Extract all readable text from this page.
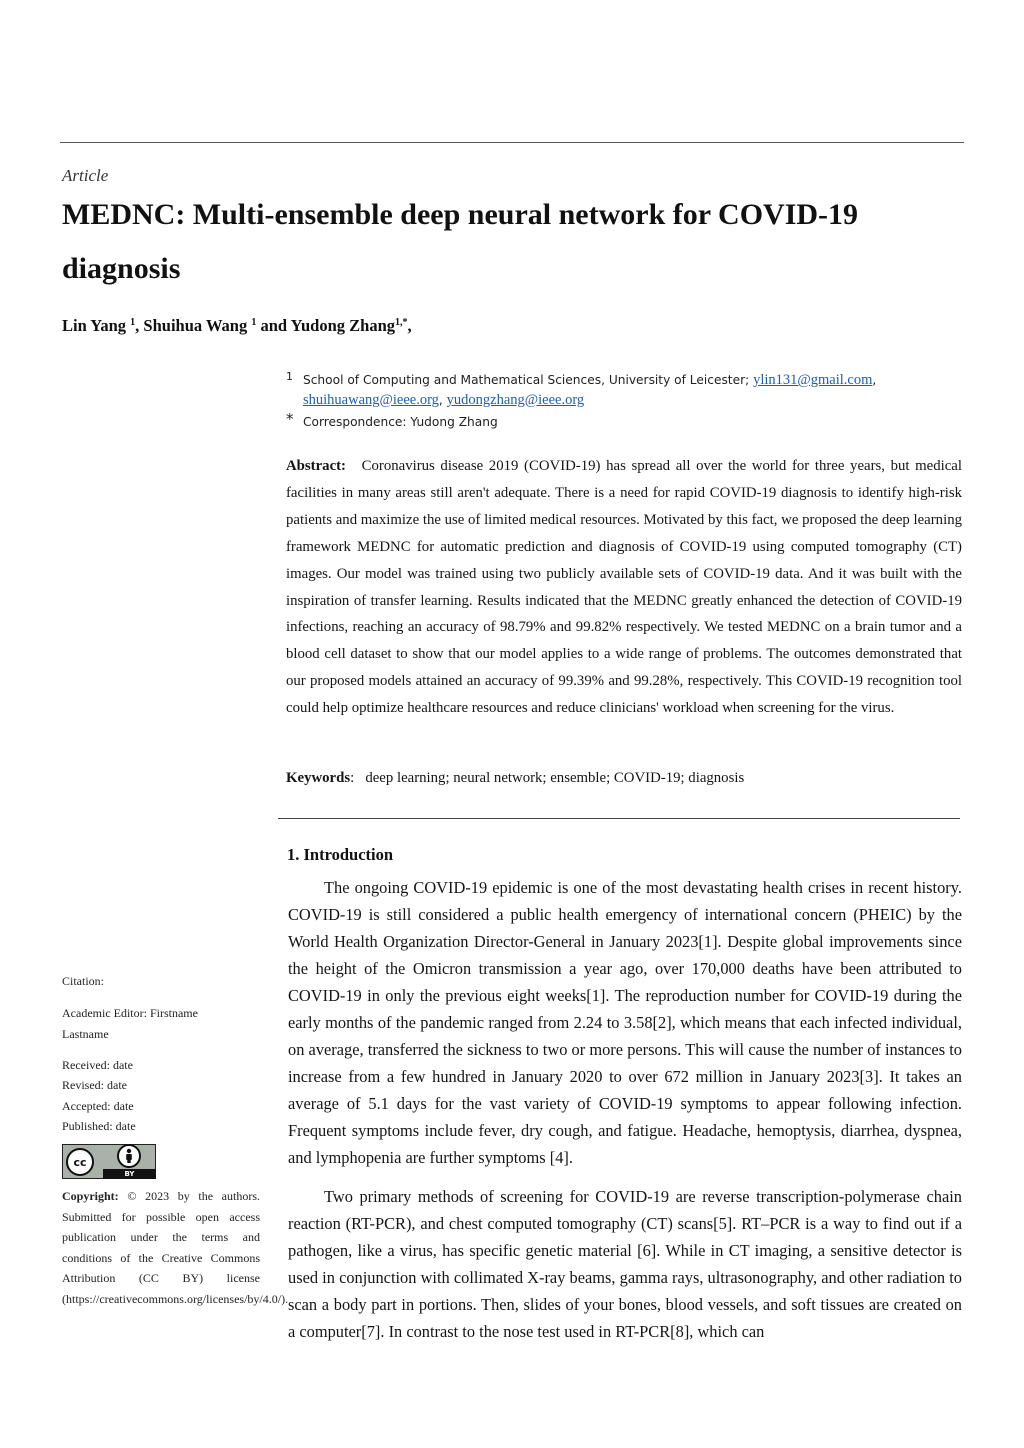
Article
MEDNC: Multi-ensemble deep neural network for COVID-19 diagnosis
Lin Yang $^1$, Shuihua Wang $^1$ and Yudong Zhang$^{1,*}$,
1 School of Computing and Mathematical Sciences, University of Leicester; ylin131@gmail.com,
shuihuawang@ieee.org, yudongzhang@ieee.org
* Correspondence: Yudong Zhang

Abstract: Coronavirus disease 2019 (COVID-19) has spread all over the world for three years, but medical facilities in many areas still aren't adequate. There is a need for rapid COVID-19 diagnosis to identify high-risk patients and maximize the use of limited medical resources. Motivated by this fact, we proposed the deep learning framework MEDNC for automatic prediction and diagnosis of COVID-19 using computed tomography (CT) images. Our model was trained using two publicly available sets of COVID-19 data. And it was built with the inspiration of transfer learning. Results indicated that the MEDNC greatly enhanced the detection of COVID-19 infections, reaching an accuracy of 98.79% and 99.82% respectively. We tested MEDNC on a brain tumor and a blood cell dataset to show that our model applies to a wide range of problems. The outcomes demonstrated that our proposed models attained an accuracy of 99.39% and 99.28%, respectively. This COVID-19 recognition tool could help optimize healthcare resources and reduce clinicians' workload when screening for the virus.

Keywords:   deep learning; neural network; ensemble; COVID-19; diagnosis
1. Introduction

The ongoing COVID-19 epidemic is one of the most devastating health crises in recent history. COVID-19 is still considered a public health emergency of international concern (PHEIC) by the World Health Organization Director-General in January 2023[1]. Despite global improvements since the height of the Omicron transmission a year ago, over 170,000 deaths have been attributed to COVID-19 in only the previous eight weeks[1]. The reproduction number for COVID-19 during the early months of the pandemic ranged from 2.24 to 3.58[2], which means that each infected individual, on average, transferred the sickness to two or more persons. This will cause the number of instances to increase from a few hundred in January 2020 to over 672 million in January 2023[3]. It takes an average of 5.1 days for the vast variety of COVID-19 symptoms to appear following infection. Frequent symptoms include fever, dry cough, and fatigue. Headache, hemoptysis, diarrhea, dyspnea, and lymphopenia are further symptoms [4].

Two primary methods of screening for COVID-19 are reverse transcription-polymerase chain reaction (RT-PCR), and chest computed tomography (CT) scans[5]. RT–PCR is a way to find out if a pathogen, like a virus, has specific genetic material [6]. While in CT imaging, a sensitive detector is used in conjunction with collimated X-ray beams, gamma rays, ultrasonography, and other radiation to scan a body part in portions. Then, slides of your bones, blood vessels, and soft tissues are created on a computer[7]. In contrast to the nose test used in RT-PCR[8], which can

Citation:
Academic Editor: Firstname
Lastname
Received: date
Revised: date
Accepted: date
Published: date
cc
BY

Copyright: © 2023 by the authors. Submitted for possible open access publication under the terms and conditions of the Creative Commons Attribution (CC BY) license (https://creativecommons.org/licenses/by/4.0/).
